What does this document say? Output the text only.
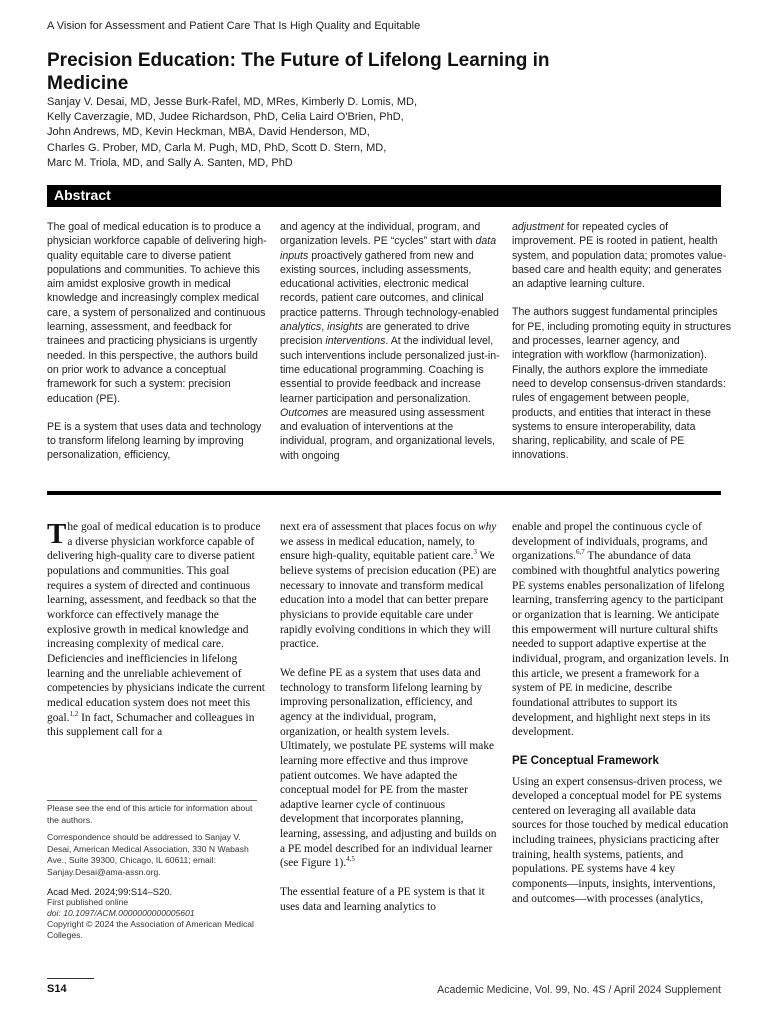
A Vision for Assessment and Patient Care That Is High Quality and Equitable
Precision Education: The Future of Lifelong Learning in Medicine
Sanjay V. Desai, MD, Jesse Burk-Rafel, MD, MRes, Kimberly D. Lomis, MD,
Kelly Caverzagie, MD, Judee Richardson, PhD, Celia Laird O'Brien, PhD,
John Andrews, MD, Kevin Heckman, MBA, David Henderson, MD,
Charles G. Prober, MD, Carla M. Pugh, MD, PhD, Scott D. Stern, MD,
Marc M. Triola, MD, and Sally A. Santen, MD, PhD
Abstract

The goal of medical education is to produce a physician workforce capable of delivering high-quality equitable care to diverse patient populations and communities. To achieve this aim amidst explosive growth in medical knowledge and increasingly complex medical care, a system of personalized and continuous learning, assessment, and feedback for trainees and practicing physicians is urgently needed. In this perspective, the authors build on prior work to advance a conceptual framework for such a system: precision education (PE).

PE is a system that uses data and technology to transform lifelong learning by improving personalization, efficiency,

and agency at the individual, program, and organization levels. PE “cycles” start with data inputs proactively gathered from new and existing sources, including assessments, educational activities, electronic medical records, patient care outcomes, and clinical practice patterns. Through technology-enabled analytics, insights are generated to drive precision interventions. At the individual level, such interventions include personalized just-in-time educational programming. Coaching is essential to provide feedback and increase learner participation and personalization. Outcomes are measured using assessment and evaluation of interventions at the individual, program, and organizational levels, with ongoing

adjustment for repeated cycles of improvement. PE is rooted in patient, health system, and population data; promotes value-based care and health equity; and generates an adaptive learning culture.

The authors suggest fundamental principles for PE, including promoting equity in structures and processes, learner agency, and integration with workflow (harmonization). Finally, the authors explore the immediate need to develop consensus-driven standards: rules of engagement between people, products, and entities that interact in these systems to ensure interoperability, data sharing, replicability, and scale of PE innovations.

The goal of medical education is to produce a diverse physician workforce capable of delivering high-quality care to diverse patient populations and communities. This goal requires a system of directed and continuous learning, assessment, and feedback so that the workforce can effectively manage the explosive growth in medical knowledge and increasing complexity of medical care. Deficiencies and inefficiencies in lifelong learning and the unreliable achievement of competencies by physicians indicate the current medical education system does not meet this goal.$^{1,2}$ In fact, Schumacher and colleagues in this supplement call for a

next era of assessment that places focus on why we assess in medical education, namely, to ensure high-quality, equitable patient care.$^3$ We believe systems of precision education (PE) are necessary to innovate and transform medical education into a model that can better prepare physicians to provide equitable care under rapidly evolving conditions in which they will practice.

We define PE as a system that uses data and technology to transform lifelong learning by improving personalization, efficiency, and agency at the individual, program, organization, or health system levels. Ultimately, we postulate PE systems will make learning more effective and thus improve patient outcomes. We have adapted the conceptual model for PE from the master adaptive learner cycle of continuous development that incorporates planning, learning, assessing, and adjusting and builds on a PE model described for an individual learner (see Figure 1).$^{4,5}$

The essential feature of a PE system is that it uses data and learning analytics to

enable and propel the continuous cycle of development of individuals, programs, and organizations.$^{6,7}$ The abundance of data combined with thoughtful analytics powering PE systems enables personalization of lifelong learning, transferring agency to the participant or organization that is learning. We anticipate this empowerment will nurture cultural shifts needed to support adaptive expertise at the individual, program, and organization levels. In this article, we present a framework for a system of PE in medicine, describe foundational attributes to support its development, and highlight next steps in its development.

PE Conceptual Framework

Using an expert consensus-driven process, we developed a conceptual model for PE systems centered on leveraging all available data sources for those touched by medical education including trainees, physicians practicing after training, health systems, patients, and populations. PE systems have 4 key components—inputs, insights, interventions, and outcomes—with processes (analytics,

Please see the end of this article for information about the authors.

Correspondence should be addressed to Sanjay V. Desai, American Medical Association, 330 N Wabash Ave., Suite 39300, Chicago, IL 60611; email: Sanjay.Desai@ama-assn.org.

Acad Med. 2024;99:S14–S20.
First published online
doi: 10.1097/ACM.0000000000005601
Copyright © 2024 the Association of American Medical Colleges.
S14	Academic Medicine, Vol. 99, No. 4S / April 2024 Supplement
